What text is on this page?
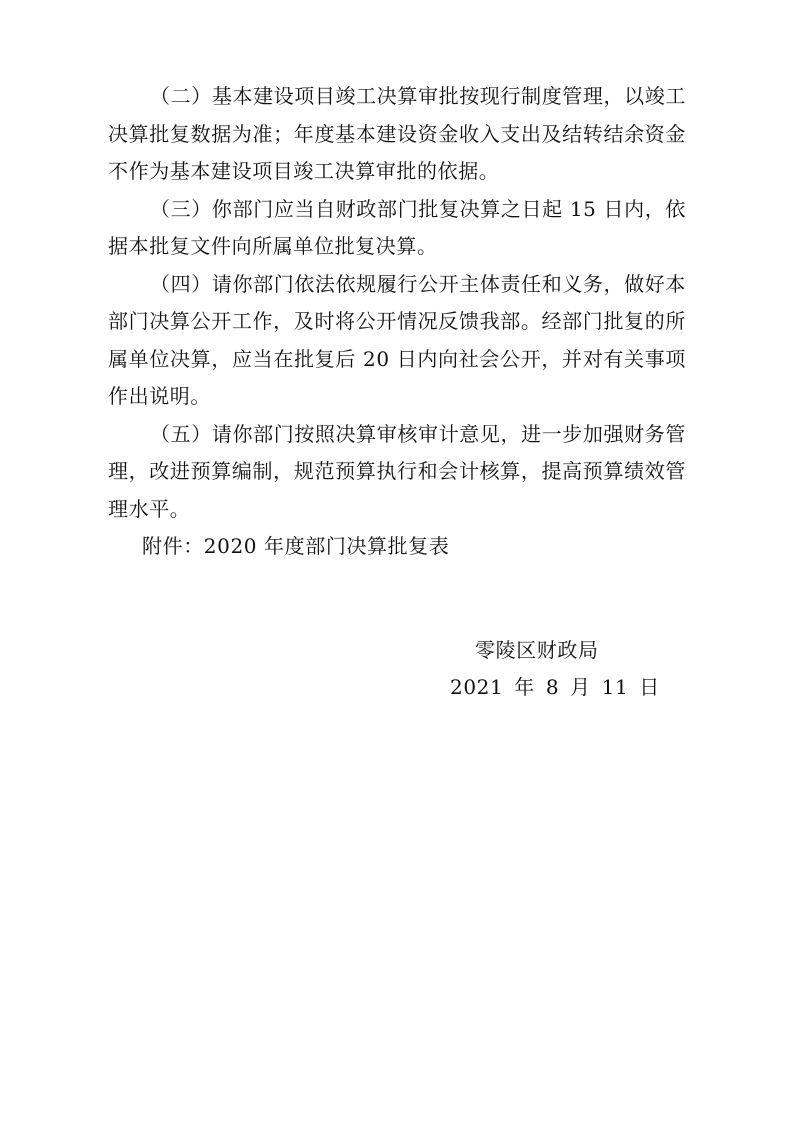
（二）基本建设项目竣工决算审批按现行制度管理，以竣工决算批复数据为准；年度基本建设资金收入支出及结转结余资金不作为基本建设项目竣工决算审批的依据。

（三）你部门应当自财政部门批复决算之日起 15 日内，依据本批复文件向所属单位批复决算。

（四）请你部门依法依规履行公开主体责任和义务，做好本部门决算公开工作，及时将公开情况反馈我部。经部门批复的所属单位决算，应当在批复后 20 日内向社会公开，并对有关事项作出说明。

（五）请你部门按照决算审核审计意见，进一步加强财务管理，改进预算编制，规范预算执行和会计核算，提高预算绩效管理水平。

附件：2020 年度部门决算批复表

零陵区财政局
2021 年 8 月 11 日
